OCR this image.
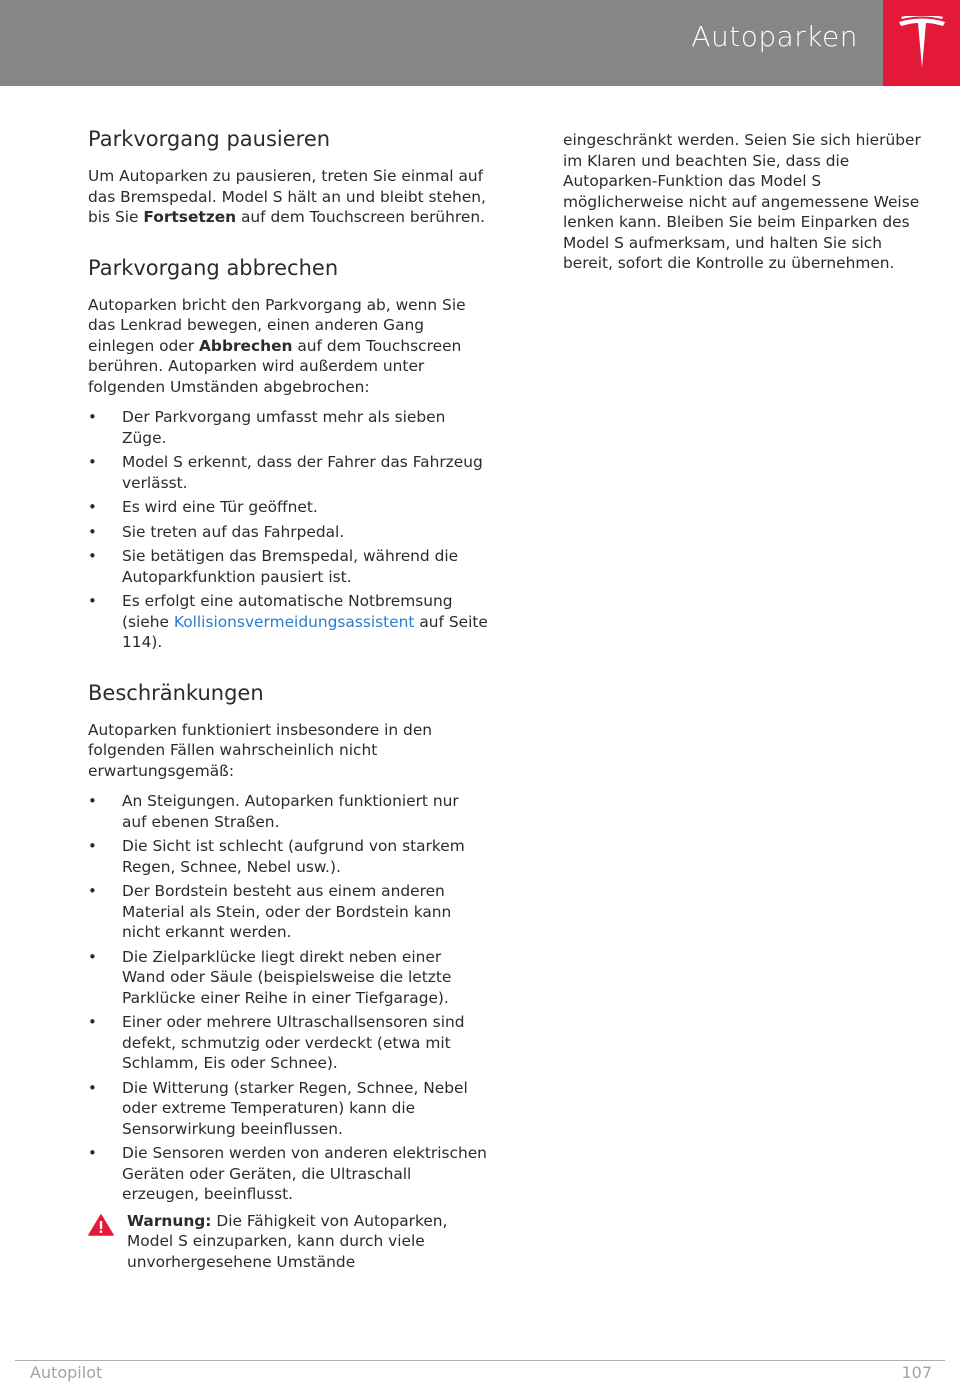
Autoparken
Parkvorgang pausieren

Um Autoparken zu pausieren, treten Sie einmal auf das Bremspedal. Model S hält an und bleibt stehen, bis Sie Fortsetzen auf dem Touchscreen berühren.

Parkvorgang abbrechen

Autoparken bricht den Parkvorgang ab, wenn Sie das Lenkrad bewegen, einen anderen Gang einlegen oder Abbrechen auf dem Touchscreen berühren. Autoparken wird außerdem unter folgenden Umständen abgebrochen:

• Der Parkvorgang umfasst mehr als sieben Züge.
• Model S erkennt, dass der Fahrer das Fahrzeug verlässt.
• Es wird eine Tür geöffnet.
• Sie treten auf das Fahrpedal.
• Sie betätigen das Bremspedal, während die Autoparkfunktion pausiert ist.
• Es erfolgt eine automatische Notbremsung (siehe Kollisionsvermeidungsassistent auf Seite 114).
Beschränkungen

Autoparken funktioniert insbesondere in den folgenden Fällen wahrscheinlich nicht erwartungsgemäß:

• An Steigungen. Autoparken funktioniert nur auf ebenen Straßen.
• Die Sicht ist schlecht (aufgrund von starkem Regen, Schnee, Nebel usw.).
• Der Bordstein besteht aus einem anderen Material als Stein, oder der Bordstein kann nicht erkannt werden.
• Die Zielparklücke liegt direkt neben einer Wand oder Säule (beispielsweise die letzte Parklücke einer Reihe in einer Tiefgarage).
• Einer oder mehrere Ultraschallsensoren sind defekt, schmutzig oder verdeckt (etwa mit Schlamm, Eis oder Schnee).
• Die Witterung (starker Regen, Schnee, Nebel oder extreme Temperaturen) kann die Sensorwirkung beeinflussen.
• Die Sensoren werden von anderen elektrischen Geräten oder Geräten, die Ultraschall erzeugen, beeinflusst.
Warnung: Die Fähigkeit von Autoparken, Model S einzuparken, kann durch viele unvorhergesehene Umstände

eingeschränkt werden. Seien Sie sich hierüber im Klaren und beachten Sie, dass die Autoparken-Funktion das Model S möglicherweise nicht auf angemessene Weise lenken kann. Bleiben Sie beim Einparken des Model S aufmerksam, und halten Sie sich bereit, sofort die Kontrolle zu übernehmen.

Autopilot	107
